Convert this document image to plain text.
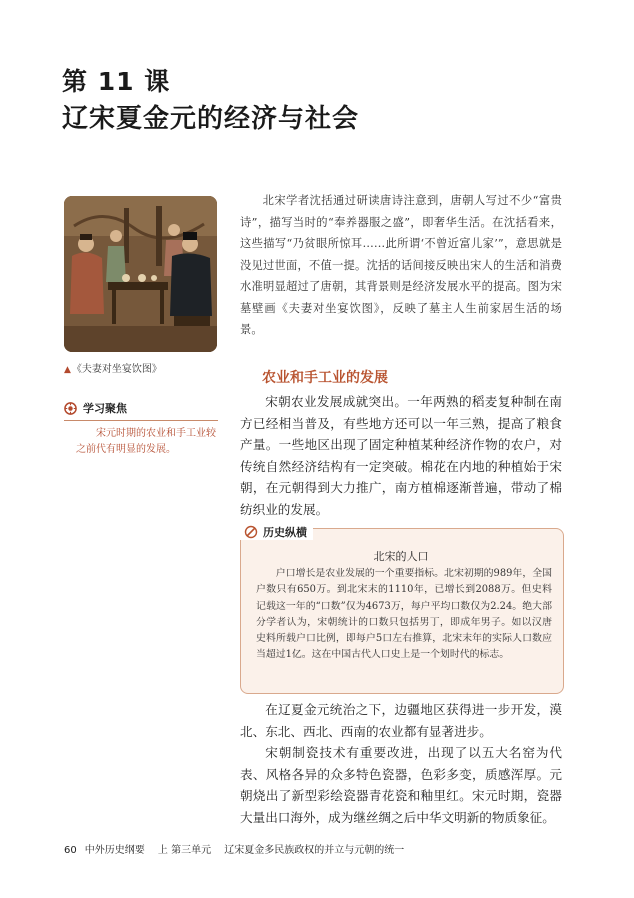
第 11 课
辽宋夏金元的经济与社会
▲《夫妻对坐宴饮图》
学习聚焦
宋元时期的农业和手工业较之前代有明显的发展。
北宋学者沈括通过研读唐诗注意到，唐朝人写过不少“富贵诗”，描写当时的“奉养器服之盛”，即奢华生活。在沈括看来，这些描写“乃贫眼所惊耳……此所谓‘不曾近富儿家’”，意思就是没见过世面，不值一提。沈括的话间接反映出宋人的生活和消费水准明显超过了唐朝，其背景则是经济发展水平的提高。图为宋墓壁画《夫妻对坐宴饮图》，反映了墓主人生前家居生活的场景。
农业和手工业的发展
宋朝农业发展成就突出。一年两熟的稻麦复种制在南方已经相当普及，有些地方还可以一年三熟，提高了粮食产量。一些地区出现了固定种植某种经济作物的农户，对传统自然经济结构有一定突破。棉花在内地的种植始于宋朝，在元朝得到大力推广，南方植棉逐渐普遍，带动了棉纺织业的发展。
历史纵横
北宋的人口
户口增长是农业发展的一个重要指标。北宋初期的989年，全国户数只有650万。到北宋末的1110年，已增长到2088万。但史料记载这一年的“口数”仅为4673万，每户平均口数仅为2.24。绝大部分学者认为，宋朝统计的口数只包括男丁，即成年男子。如以汉唐史料所载户口比例，即每户5口左右推算，北宋末年的实际人口数应当超过1亿。这在中国古代人口史上是一个划时代的标志。
在辽夏金元统治之下，边疆地区获得进一步开发，漠北、东北、西北、西南的农业都有显著进步。
宋朝制瓷技术有重要改进，出现了以五大名窑为代表、风格各异的众多特色瓷器，色彩多变，质感浑厚。元朝烧出了新型彩绘瓷器青花瓷和釉里红。宋元时期，瓷器大量出口海外，成为继丝绸之后中华文明新的物质象征。
60 中外历史纲要 上 第三单元 辽宋夏金多民族政权的并立与元朝的统一
